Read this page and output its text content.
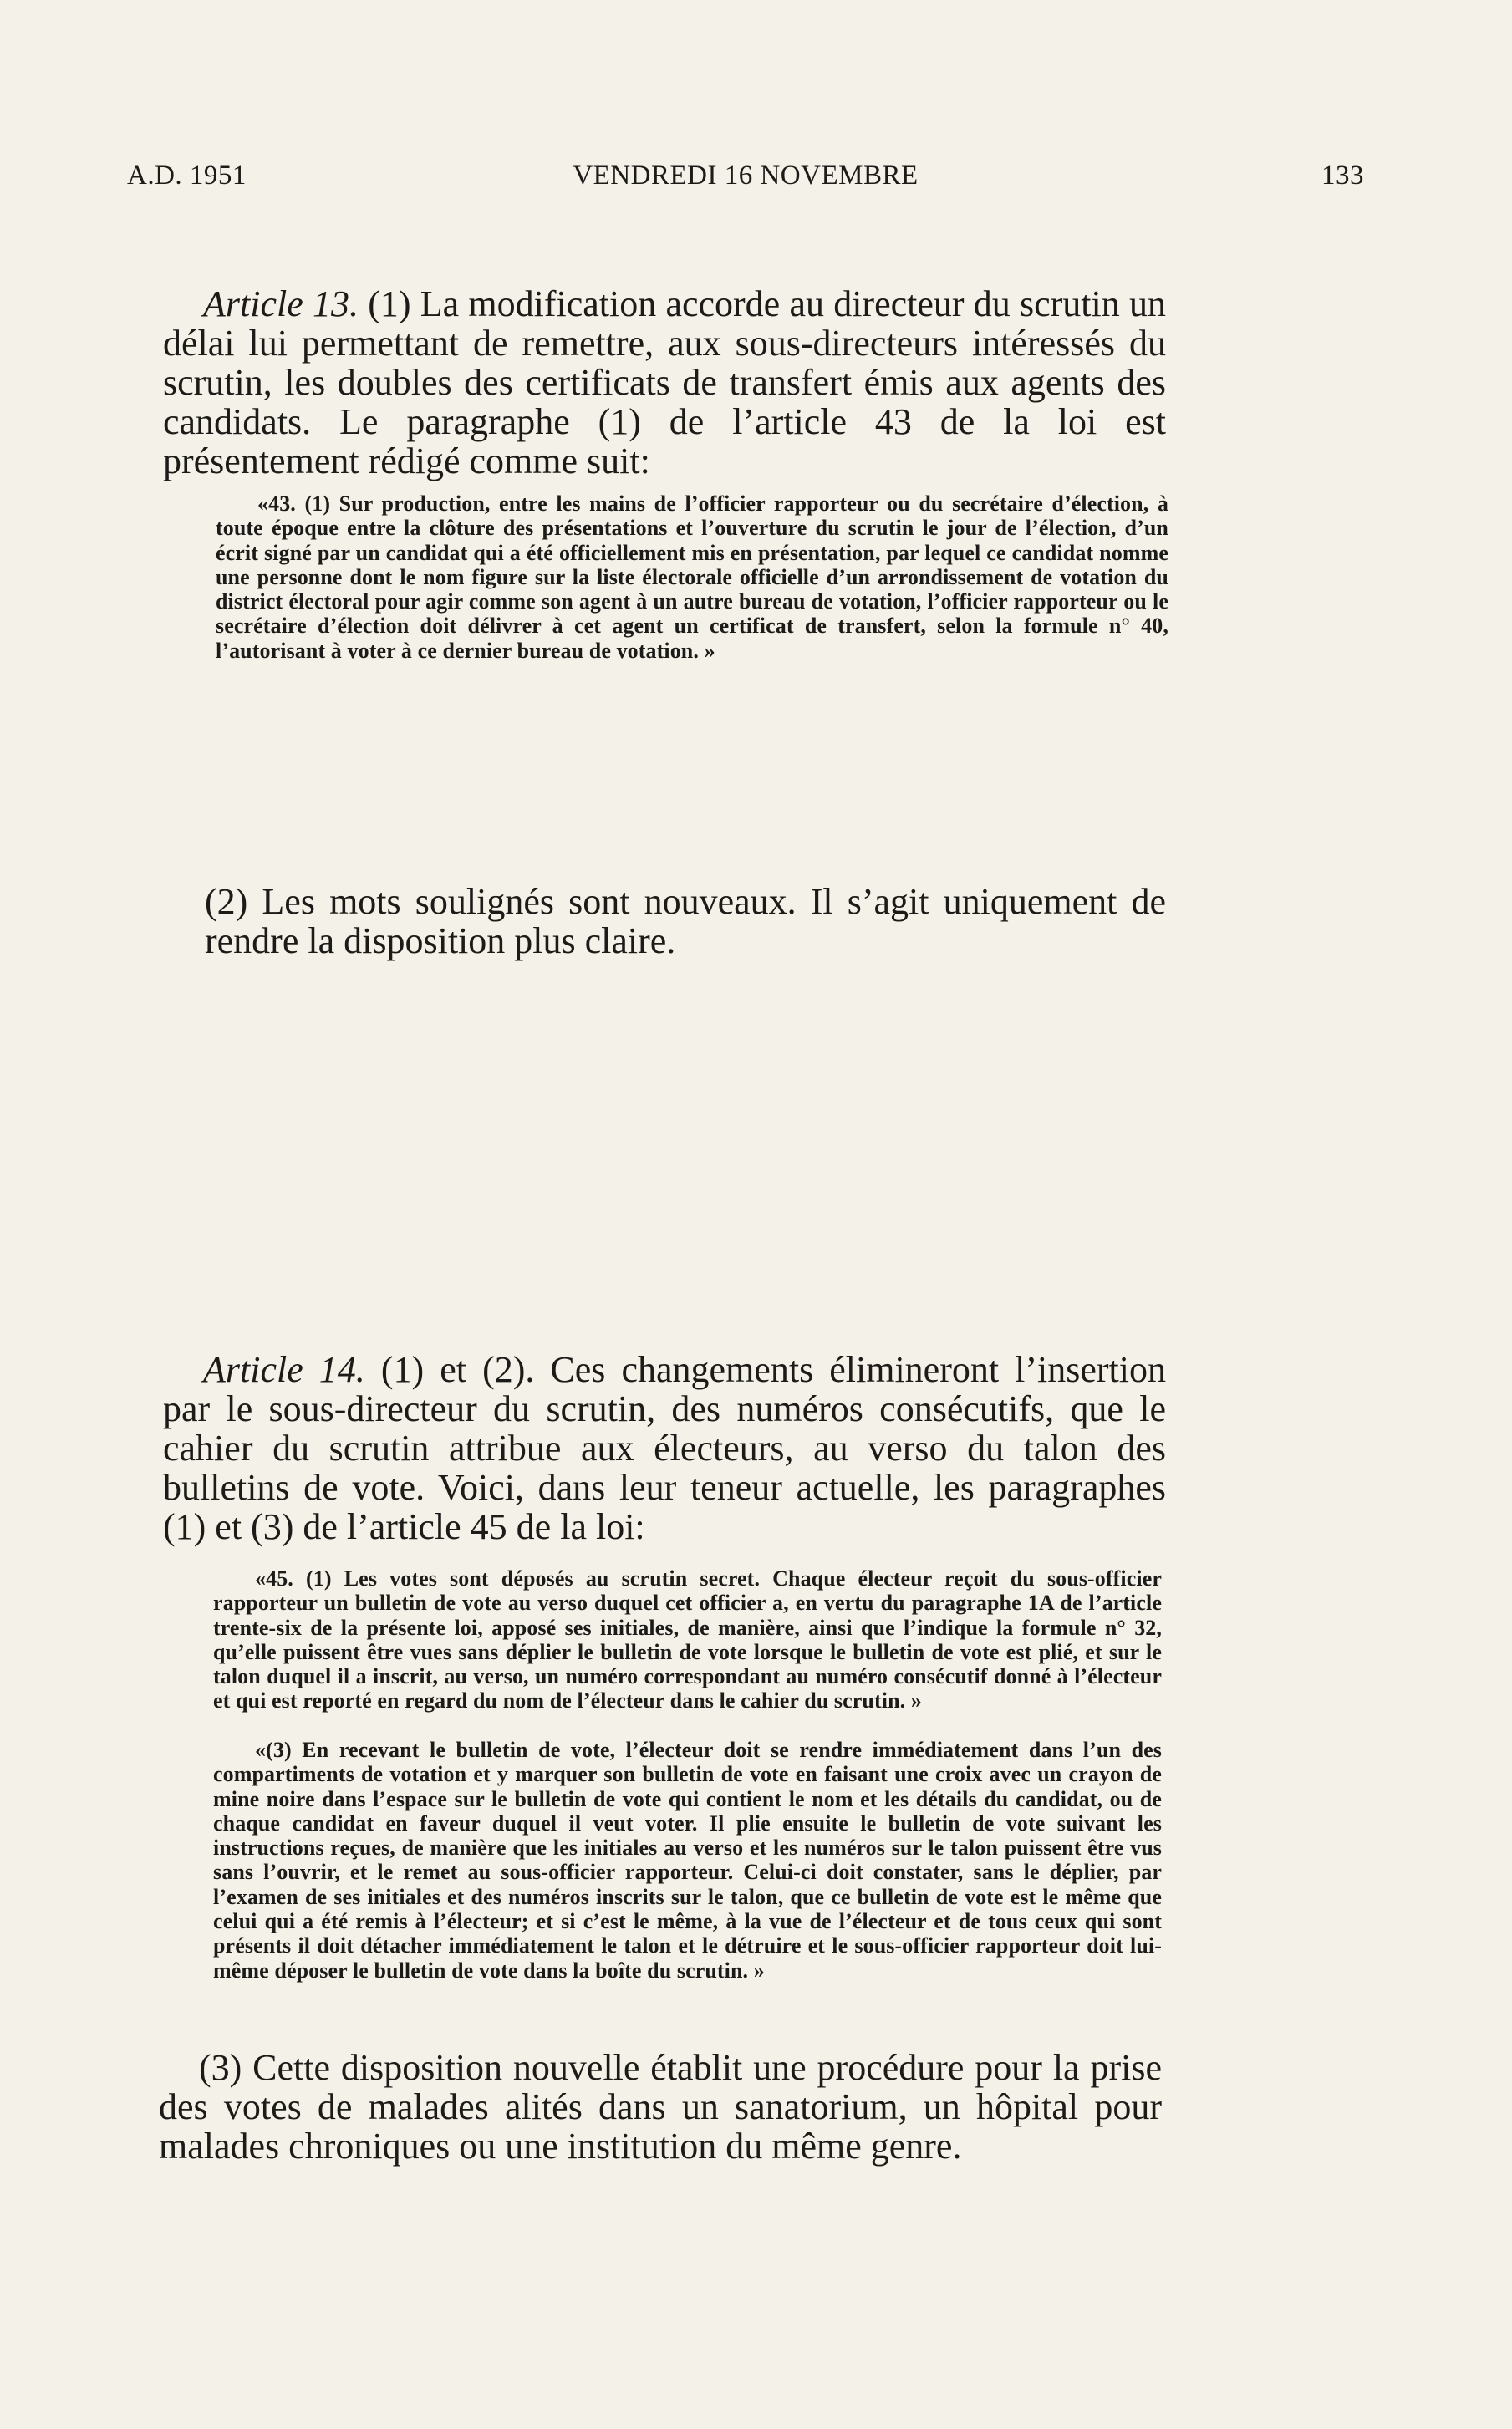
A.D. 1951	VENDREDI 16 NOVEMBRE	133

Article 13. (1) La modification accorde au directeur du scrutin un délai lui permettant de remettre, aux sous-directeurs intéressés du scrutin, les doubles des certificats de transfert émis aux agents des candidats. Le paragraphe (1) de l’article 43 de la loi est présentement rédigé comme suit:

«43. (1) Sur production, entre les mains de l’officier rapporteur ou du secrétaire d’élection, à toute époque entre la clôture des présentations et l’ouverture du scrutin le jour de l’élection, d’un écrit signé par un candidat qui a été officiellement mis en présentation, par lequel ce candidat nomme une personne dont le nom figure sur la liste électorale officielle d’un arrondissement de votation du district électoral pour agir comme son agent à un autre bureau de votation, l’officier rapporteur ou le secrétaire d’élection doit délivrer à cet agent un certificat de transfert, selon la formule n° 40, l’autorisant à voter à ce dernier bureau de votation. »

(2) Les mots soulignés sont nouveaux. Il s’agit uniquement de rendre la disposition plus claire.

Article 14. (1) et (2). Ces changements élimineront l’insertion par le sous-directeur du scrutin, des numéros consécutifs, que le cahier du scrutin attribue aux électeurs, au verso du talon des bulletins de vote. Voici, dans leur teneur actuelle, les paragraphes (1) et (3) de l’article 45 de la loi:

«45. (1) Les votes sont déposés au scrutin secret. Chaque électeur reçoit du sous-officier rapporteur un bulletin de vote au verso duquel cet officier a, en vertu du paragraphe 1A de l’article trente-six de la présente loi, apposé ses initiales, de manière, ainsi que l’indique la formule n° 32, qu’elle puissent être vues sans déplier le bulletin de vote lorsque le bulletin de vote est plié, et sur le talon duquel il a inscrit, au verso, un numéro correspondant au numéro consécutif donné à l’électeur et qui est reporté en regard du nom de l’électeur dans le cahier du scrutin. »

«(3) En recevant le bulletin de vote, l’électeur doit se rendre immédiatement dans l’un des compartiments de votation et y marquer son bulletin de vote en faisant une croix avec un crayon de mine noire dans l’espace sur le bulletin de vote qui contient le nom et les détails du candidat, ou de chaque candidat en faveur duquel il veut voter. Il plie ensuite le bulletin de vote suivant les instructions reçues, de manière que les initiales au verso et les numéros sur le talon puissent être vus sans l’ouvrir, et le remet au sous-officier rapporteur. Celui-ci doit constater, sans le déplier, par l’examen de ses initiales et des numéros inscrits sur le talon, que ce bulletin de vote est le même que celui qui a été remis à l’électeur; et si c’est le même, à la vue de l’électeur et de tous ceux qui sont présents il doit détacher immédiatement le talon et le détruire et le sous-officier rapporteur doit lui-même déposer le bulletin de vote dans la boîte du scrutin. »

(3) Cette disposition nouvelle établit une procédure pour la prise des votes de malades alités dans un sanatorium, un hôpital pour malades chroniques ou une institution du même genre.
